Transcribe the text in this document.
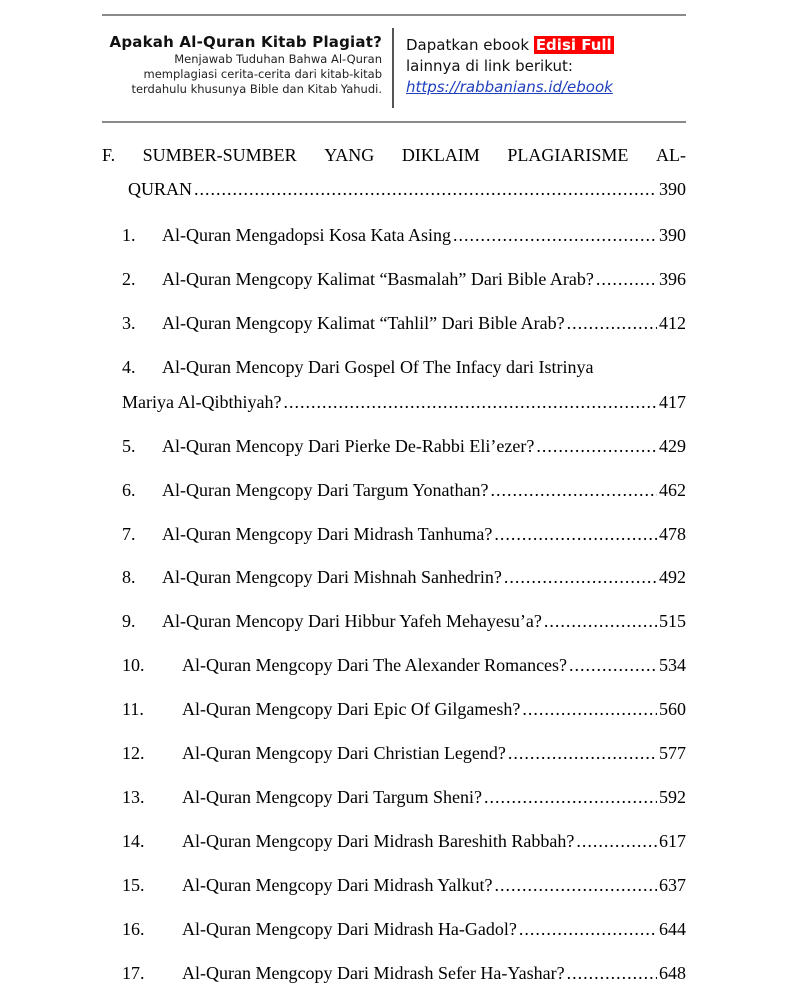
Apakah Al-Quran Kitab Plagiat?
Menjawab Tuduhan Bahwa Al-Quran
memplagiasi cerita-cerita dari kitab-kitab
terdahulu khusunya Bible dan Kitab Yahudi.
Dapatkan ebook Edisi Full
lainnya di link berikut:
https://rabbanians.id/ebook
F. SUMBER-SUMBER YANG DIKLAIM PLAGIARISME AL-
QURAN .....	390
1.	Al-Quran Mengadopsi Kosa Kata Asing .....	390
2.	Al-Quran Mengcopy Kalimat “Basmalah” Dari Bible Arab? .....	396
3.	Al-Quran Mengcopy Kalimat “Tahlil” Dari Bible Arab? .....	412
4.	Al-Quran Mencopy Dari Gospel Of The Infacy dari Istrinya
Mariya Al-Qibthiyah? .....	417
5.	Al-Quran Mencopy Dari Pierke De-Rabbi Eli’ezer? .....	429
6.	Al-Quran Mengcopy Dari Targum Yonathan? .....	462
7.	Al-Quran Mengcopy Dari Midrash Tanhuma? .....	478
8.	Al-Quran Mengcopy Dari Mishnah Sanhedrin? .....	492
9.	Al-Quran Mencopy Dari Hibbur Yafeh Mehayesu’a? .....	515
10.	Al-Quran Mengcopy Dari The Alexander Romances? .....	534
11.	Al-Quran Mengcopy Dari Epic Of Gilgamesh? .....	560
12.	Al-Quran Mengcopy Dari Christian Legend? .....	577
13.	Al-Quran Mengcopy Dari Targum Sheni? .....	592
14.	Al-Quran Mengcopy Dari Midrash Bareshith Rabbah? .....	617
15.	Al-Quran Mengcopy Dari Midrash Yalkut? .....	637
16.	Al-Quran Mengcopy Dari Midrash Ha-Gadol? .....	644
17.	Al-Quran Mengcopy Dari Midrash Sefer Ha-Yashar? .....	648
